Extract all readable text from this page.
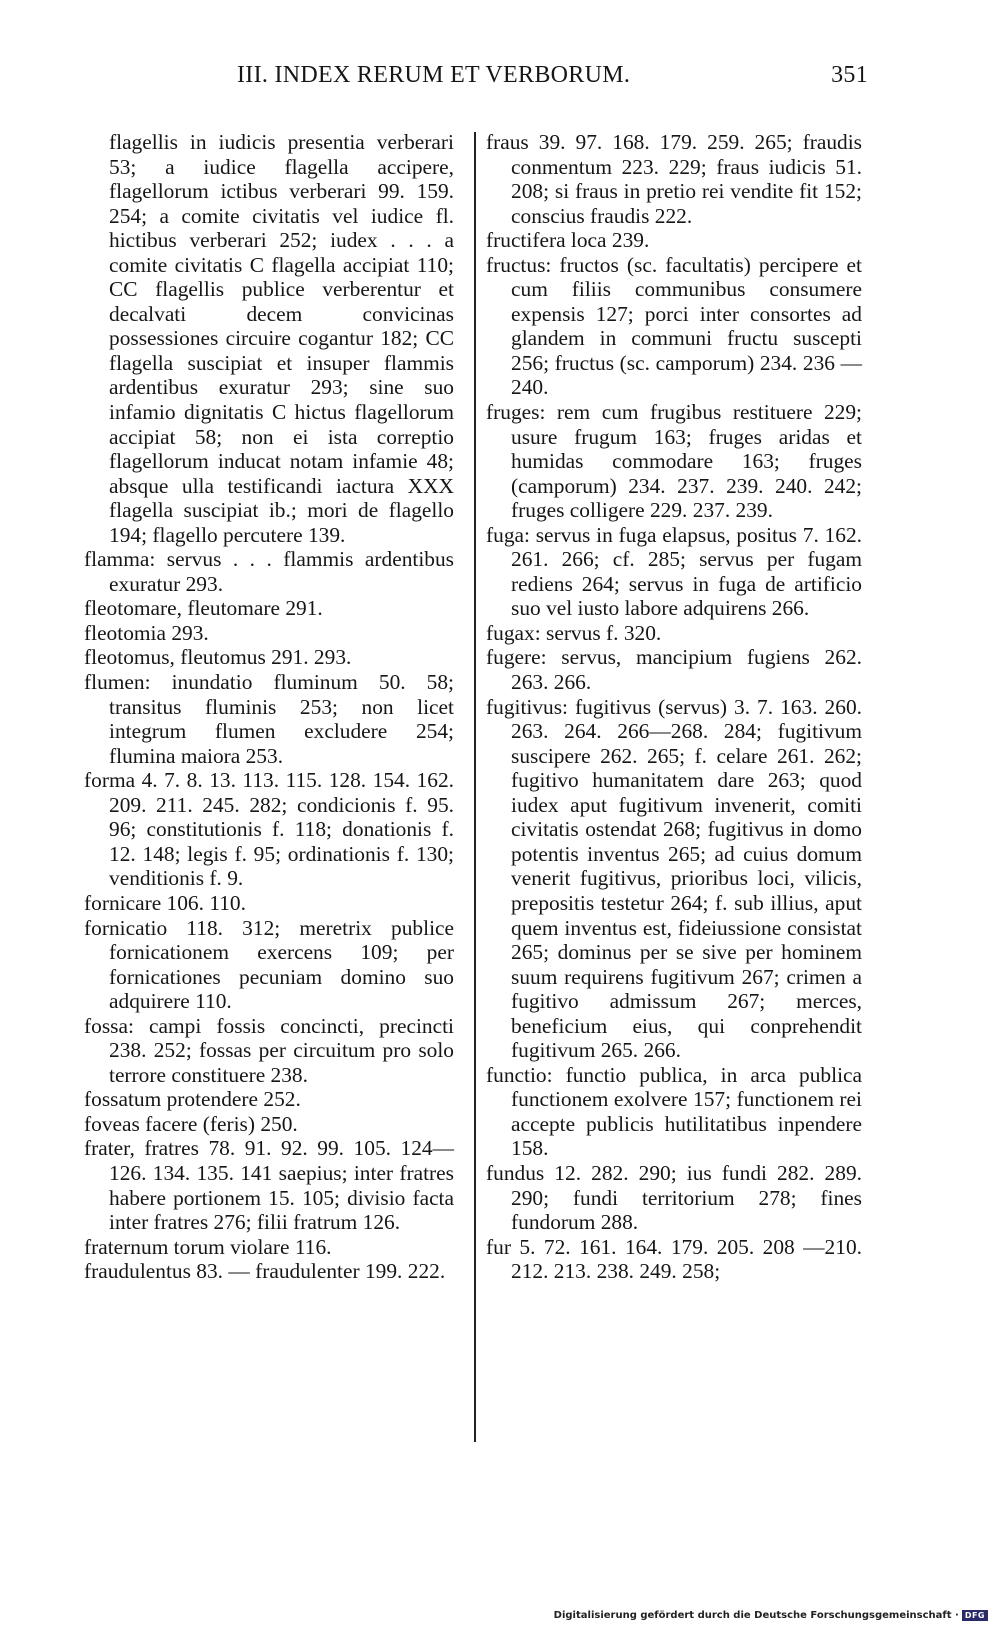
III. INDEX RERUM ET VERBORUM.	351

flagellis in iudicis presentia verberari 53; a iudice flagella accipere, flagellorum ictibus verberari 99. 159. 254; a comite civitatis vel iudice fl. hictibus verberari 252; iudex . . . a comite civitatis C flagella accipiat 110; CC flagellis publice verberentur et decalvati decem convicinas possessiones circuire cogantur 182; CC flagella suscipiat et insuper flammis ardentibus exuratur 293; sine suo infamio dignitatis C hictus flagellorum accipiat 58; non ei ista correptio flagellorum inducat notam infamie 48; absque ulla testificandi iactura XXX flagella suscipiat ib.; mori de flagello 194; flagello percutere 139.

flamma: servus . . . flammis ardentibus exuratur 293.

fleotomare, fleutomare 291.

fleotomia 293.

fleotomus, fleutomus 291. 293.

flumen: inundatio fluminum 50. 58; transitus fluminis 253; non licet integrum flumen excludere 254; flumina maiora 253.

forma 4. 7. 8. 13. 113. 115. 128. 154. 162. 209. 211. 245. 282; condicionis f. 95. 96; constitutionis f. 118; donationis f. 12. 148; legis f. 95; ordinationis f. 130; venditionis f. 9.

fornicare 106. 110.

fornicatio 118. 312; meretrix publice fornicationem exercens 109; per fornicationes pecuniam domino suo adquirere 110.

fossa: campi fossis concincti, precincti 238. 252; fossas per circuitum pro solo terrore constituere 238.

fossatum protendere 252.

foveas facere (feris) 250.

frater, fratres 78. 91. 92. 99. 105. 124—126. 134. 135. 141 saepius; inter fratres habere portionem 15. 105; divisio facta inter fratres 276; filii fratrum 126.

fraternum torum violare 116.

fraudulentus 83. — fraudulenter 199. 222.

fraus 39. 97. 168. 179. 259. 265; fraudis conmentum 223. 229; fraus iudicis 51. 208; si fraus in pretio rei vendite fit 152; conscius fraudis 222.

fructifera loca 239.

fructus: fructos (sc. facultatis) percipere et cum filiis communibus consumere expensis 127; porci inter consortes ad glandem in communi fructu suscepti 256; fructus (sc. camporum) 234. 236 —240.

fruges: rem cum frugibus restituere 229; usure frugum 163; fruges aridas et humidas commodare 163; fruges (camporum) 234. 237. 239. 240. 242; fruges colligere 229. 237. 239.

fuga: servus in fuga elapsus, positus 7. 162. 261. 266; cf. 285; servus per fugam rediens 264; servus in fuga de artificio suo vel iusto labore adquirens 266.

fugax: servus f. 320.

fugere: servus, mancipium fugiens 262. 263. 266.

fugitivus: fugitivus (servus) 3. 7. 163. 260. 263. 264. 266—268. 284; fugitivum suscipere 262. 265; f. celare 261. 262; fugitivo humanitatem dare 263; quod iudex aput fugitivum invenerit, comiti civitatis ostendat 268; fugitivus in domo potentis inventus 265; ad cuius domum venerit fugitivus, prioribus loci, vilicis, prepositis testetur 264; f. sub illius, aput quem inventus est, fideiussione consistat 265; dominus per se sive per hominem suum requirens fugitivum 267; crimen a fugitivo admissum 267; merces, beneficium eius, qui conprehendit fugitivum 265. 266.

functio: functio publica, in arca publica functionem exolvere 157; functionem rei accepte publicis hutilitatibus inpendere 158.

fundus 12. 282. 290; ius fundi 282. 289. 290; fundi territorium 278; fines fundorum 288.

fur 5. 72. 161. 164. 179. 205. 208 —210. 212. 213. 238. 249. 258;

Digitalisierung gefördert durch die Deutsche Forschungsgemeinschaft · DFG
